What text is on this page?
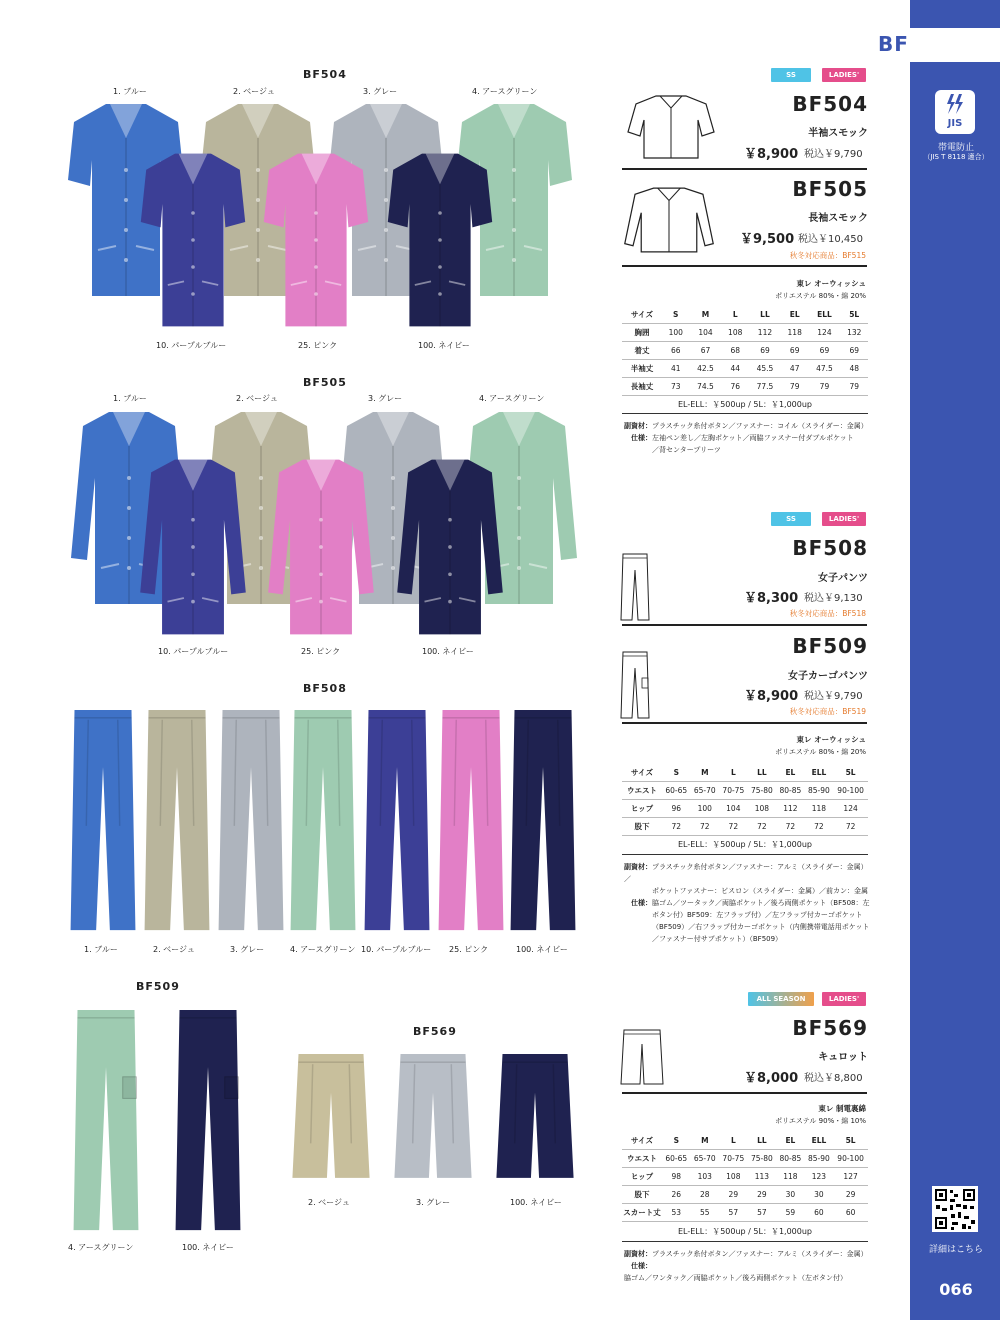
BF series
JIS
帯電防止
（JIS T 8118 適合）
詳細はこちら
066
BF504
1. ブルー	2. ベージュ	3. グレー	4. アースグリーン
10. パープルブルー	25. ピンク	100. ネイビー
BF505
1. ブルー	2. ベージュ	3. グレー	4. アースグリーン
10. パープルブルー	25. ピンク	100. ネイビー
BF508
1. ブルー	2. ベージュ	3. グレー	4. アースグリーン 10. パープルブルー 25. ピンク	100. ネイビー
BF509
4. アースグリーン	100. ネイビー
BF569
2. ベージュ	3. グレー	100. ネイビー
SS	LADIES'
BF504
半袖スモック
￥8,900 税込￥9,790
BF505
長袖スモック
￥9,500 税込￥10,450
秋冬対応商品：BF515
東レ オーウィッシュ
ポリエステル 80%・綿 20%
サイズ	S	M	L	LL	EL	ELL	5L
胸囲	100	104	108	112	118	124	132
着丈	66	67	68	69	69	69	69
半袖丈	41	42.5	44	45.5	47	47.5	48
長袖丈	73	74.5	76	77.5	79	79	79
EL-ELL：￥500up / 5L：￥1,000up
副資材：プラスチック糸付ボタン／ファスナー：コイル（スライダー：金属）
仕様：左袖ペン差し／左胸ポケット／両脇ファスナー付ダブルポケット
／背センタープリーツ
SS	LADIES'
BF508
女子パンツ
￥8,300 税込￥9,130
秋冬対応商品：BF518
BF509
女子カーゴパンツ
￥8,900 税込￥9,790
秋冬対応商品：BF519
東レ オーウィッシュ
ポリエステル 80%・綿 20%
サイズ	S	M	L	LL	EL	ELL	5L
ウエスト	60-65	65-70	70-75	75-80	80-85	85-90	90-100
ヒップ	96	100	104	108	112	118	124
股下	72	72	72	72	72	72	72
EL-ELL：￥500up / 5L：￥1,000up
副資材：プラスチック糸付ボタン／ファスナー：アルミ（スライダー：金属）／
ポケットファスナー：ビスロン（スライダー：金属）／前カン：金属
仕様：脇ゴム／ツータック／両脇ポケット／後ろ両側ポケット（BF508：左
ボタン付）BF509：左フラップ付）／左フラップ付カーゴポケット
（BF509）／右フラップ付カーゴポケット（内側携帯電話用ポケット
／ファスナー付サブポケット）（BF509）
ALL SEASON	LADIES'
BF569
キュロット
￥8,000 税込￥8,800
東レ 制電裏綿
ポリエステル 90%・綿 10%
サイズ	S	M	L	LL	EL	ELL	5L
ウエスト	60-65	65-70	70-75	75-80	80-85	85-90	90-100
ヒップ	98	103	108	113	118	123	127
股下	26	28	29	29	30	30	29
スカート丈	53	55	57	57	59	60	60
EL-ELL：￥500up / 5L：￥1,000up
副資材：プラスチック糸付ボタン／ファスナー：アルミ（スライダー：金属）
仕様：脇ゴム／ワンタック／両脇ポケット／後ろ両側ポケット（左ボタン付）
